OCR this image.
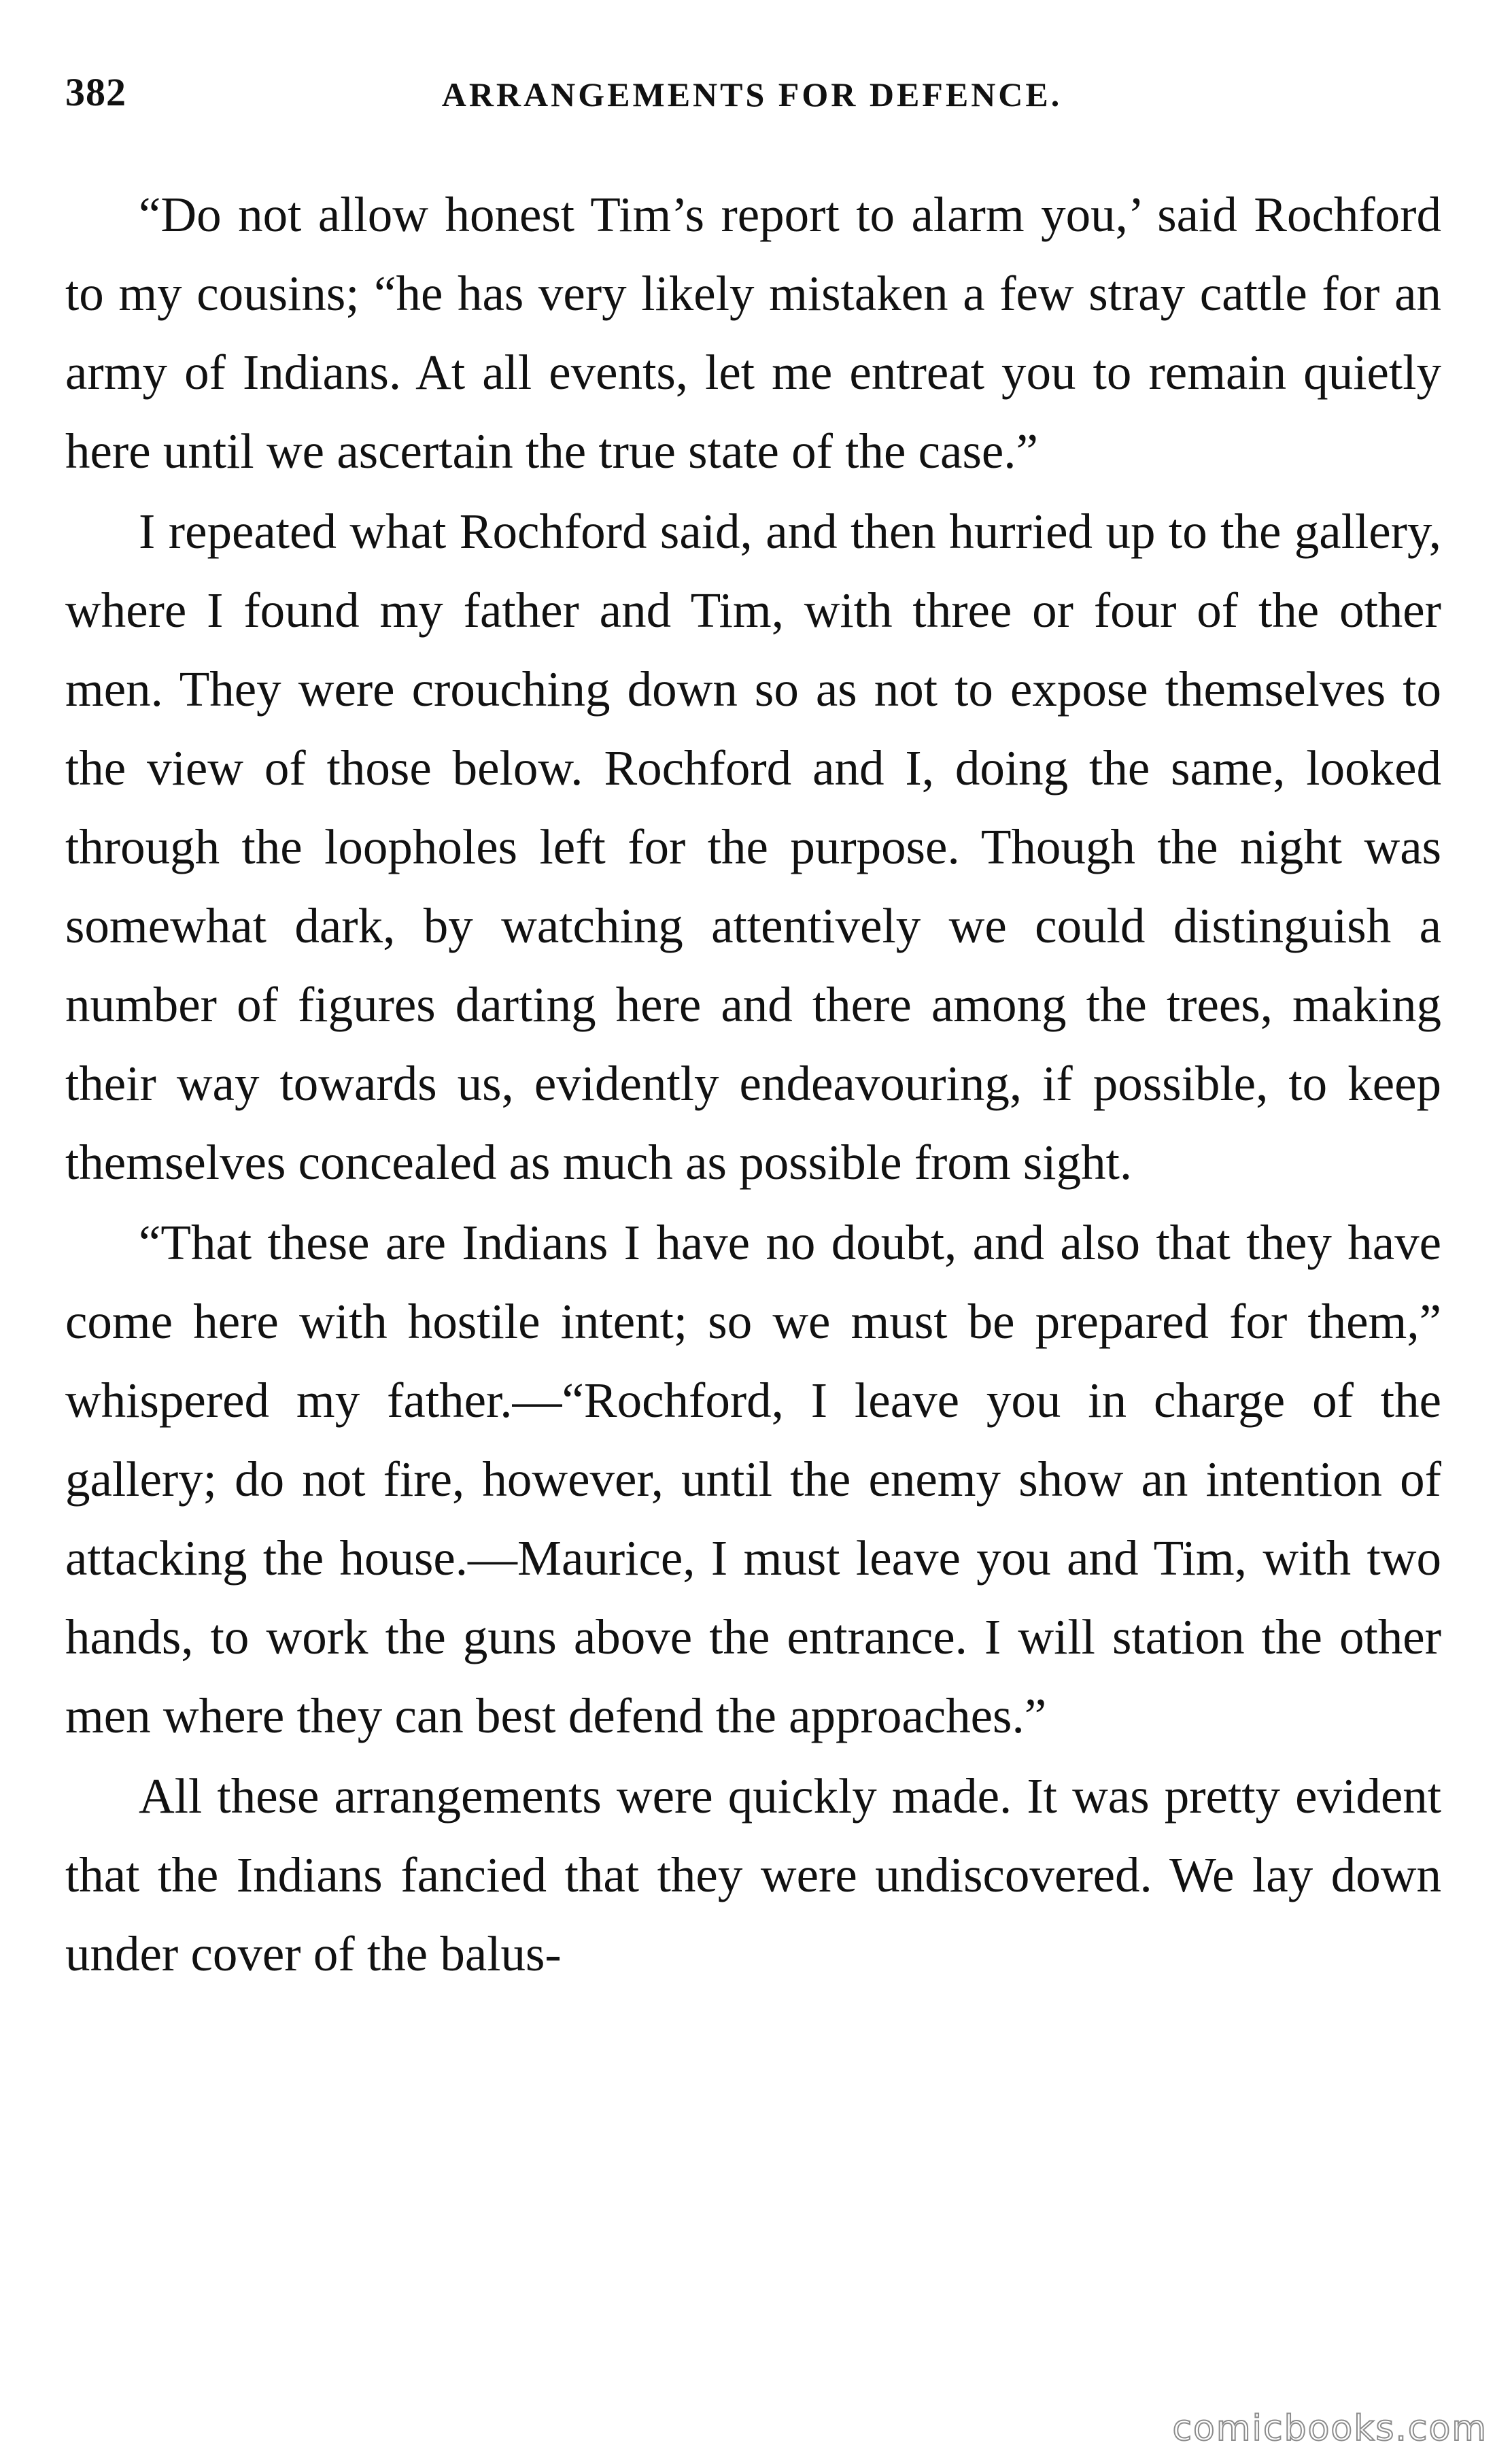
382	ARRANGEMENTS FOR DEFENCE.

“Do not allow honest Tim’s report to alarm you,’ said Rochford to my cousins; “he has very likely mistaken a few stray cattle for an army of Indians. At all events, let me entreat you to remain quietly here until we ascertain the true state of the case.”

I repeated what Rochford said, and then hurried up to the gallery, where I found my father and Tim, with three or four of the other men. They were crouching down so as not to expose themselves to the view of those below. Rochford and I, doing the same, looked through the loopholes left for the purpose. Though the night was somewhat dark, by watching attentively we could distinguish a number of figures darting here and there among the trees, making their way towards us, evidently endeavouring, if possible, to keep themselves concealed as much as possible from sight.

“That these are Indians I have no doubt, and also that they have come here with hostile intent; so we must be prepared for them,” whispered my father.—“Rochford, I leave you in charge of the gallery; do not fire, however, until the enemy show an intention of attacking the house.—Maurice, I must leave you and Tim, with two hands, to work the guns above the entrance. I will station the other men where they can best defend the approaches.”

All these arrangements were quickly made. It was pretty evident that the Indians fancied that they were undiscovered. We lay down under cover of the balus-

comicbooks.com
